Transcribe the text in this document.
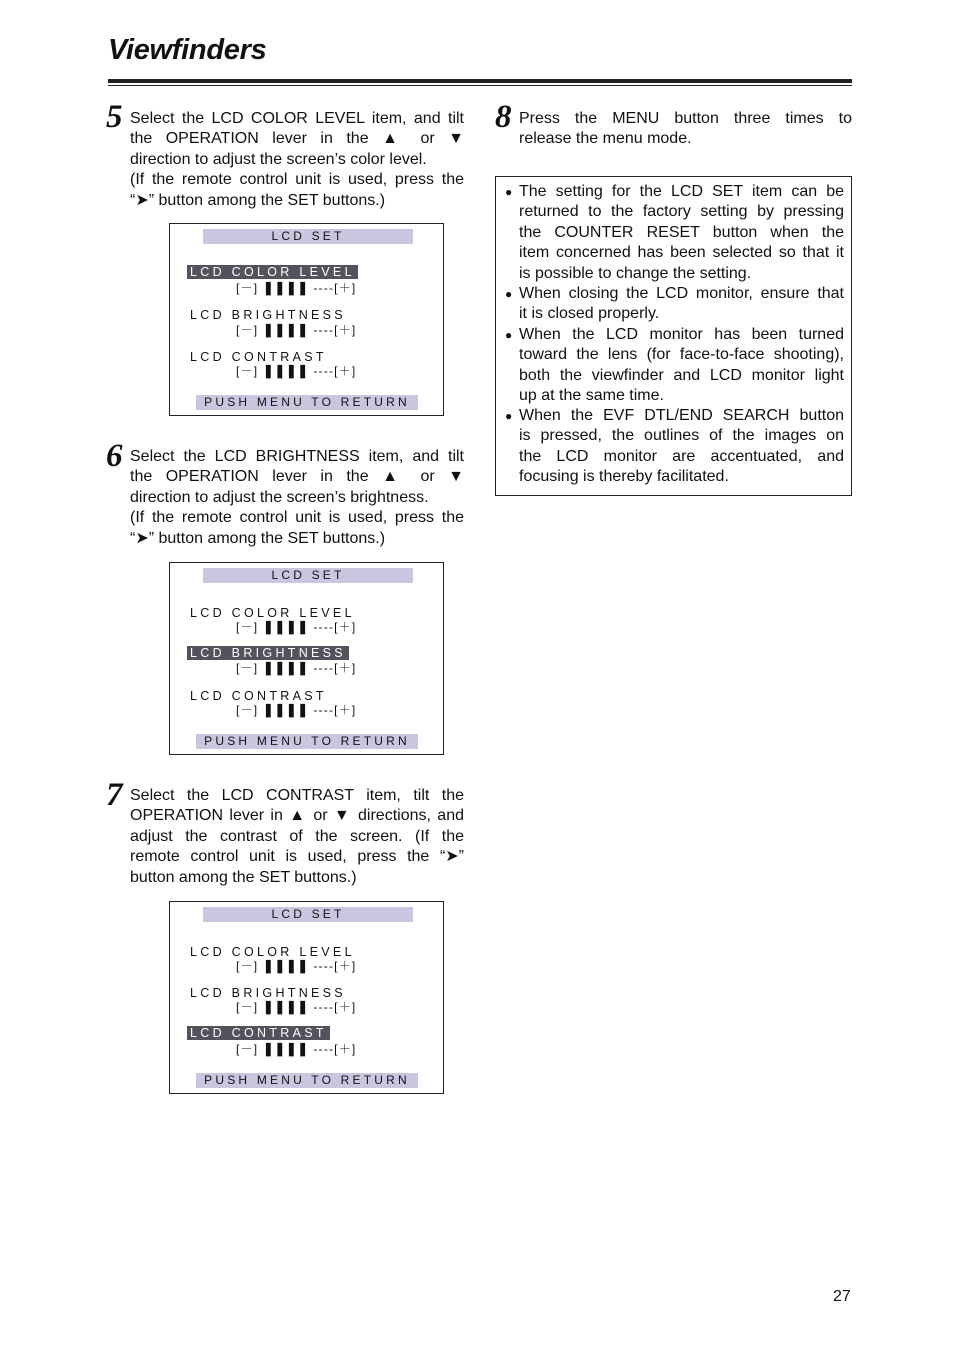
Viewfinders
5 Select the LCD COLOR LEVEL item, and tilt
the OPERATION lever in the ▲ or ▼
direction to adjust the screen’s color level.
(If the remote control unit is used, press the
“➤” button among the SET buttons.)
LCD SET
LCD COLOR LEVEL
[－] ❚❚❚❚ ----[＋]
LCD BRIGHTNESS
[－] ❚❚❚❚ ----[＋]
LCD CONTRAST
[－] ❚❚❚❚ ----[＋]
PUSH MENU TO RETURN
6 Select the LCD BRIGHTNESS item, and tilt
the OPERATION lever in the ▲ or ▼
direction to adjust the screen’s brightness.
(If the remote control unit is used, press the
“➤” button among the SET buttons.)
LCD SET
LCD COLOR LEVEL
[－] ❚❚❚❚ ----[＋]
LCD BRIGHTNESS
[－] ❚❚❚❚ ----[＋]
LCD CONTRAST
[－] ❚❚❚❚ ----[＋]
PUSH MENU TO RETURN
7 Select the LCD CONTRAST item, tilt the
OPERATION lever in ▲ or ▼ directions, and
adjust the contrast of the screen. (If the
remote control unit is used, press the “➤”
button among the SET buttons.)
LCD SET
LCD COLOR LEVEL
[－] ❚❚❚❚ ----[＋]
LCD BRIGHTNESS
[－] ❚❚❚❚ ----[＋]
LCD CONTRAST
[－] ❚❚❚❚ ----[＋]
PUSH MENU TO RETURN
8 Press the MENU button three times to
release the menu mode.
● The setting for the LCD SET item can be
returned to the factory setting by pressing
the COUNTER RESET button when the
item concerned has been selected so that it
is possible to change the setting.
● When closing the LCD monitor, ensure that
it is closed properly.
● When the LCD monitor has been turned
toward the lens (for face-to-face shooting),
both the viewfinder and LCD monitor light
up at the same time.
● When the EVF DTL/END SEARCH button
is pressed, the outlines of the images on
the LCD monitor are accentuated, and
focusing is thereby facilitated.
27
